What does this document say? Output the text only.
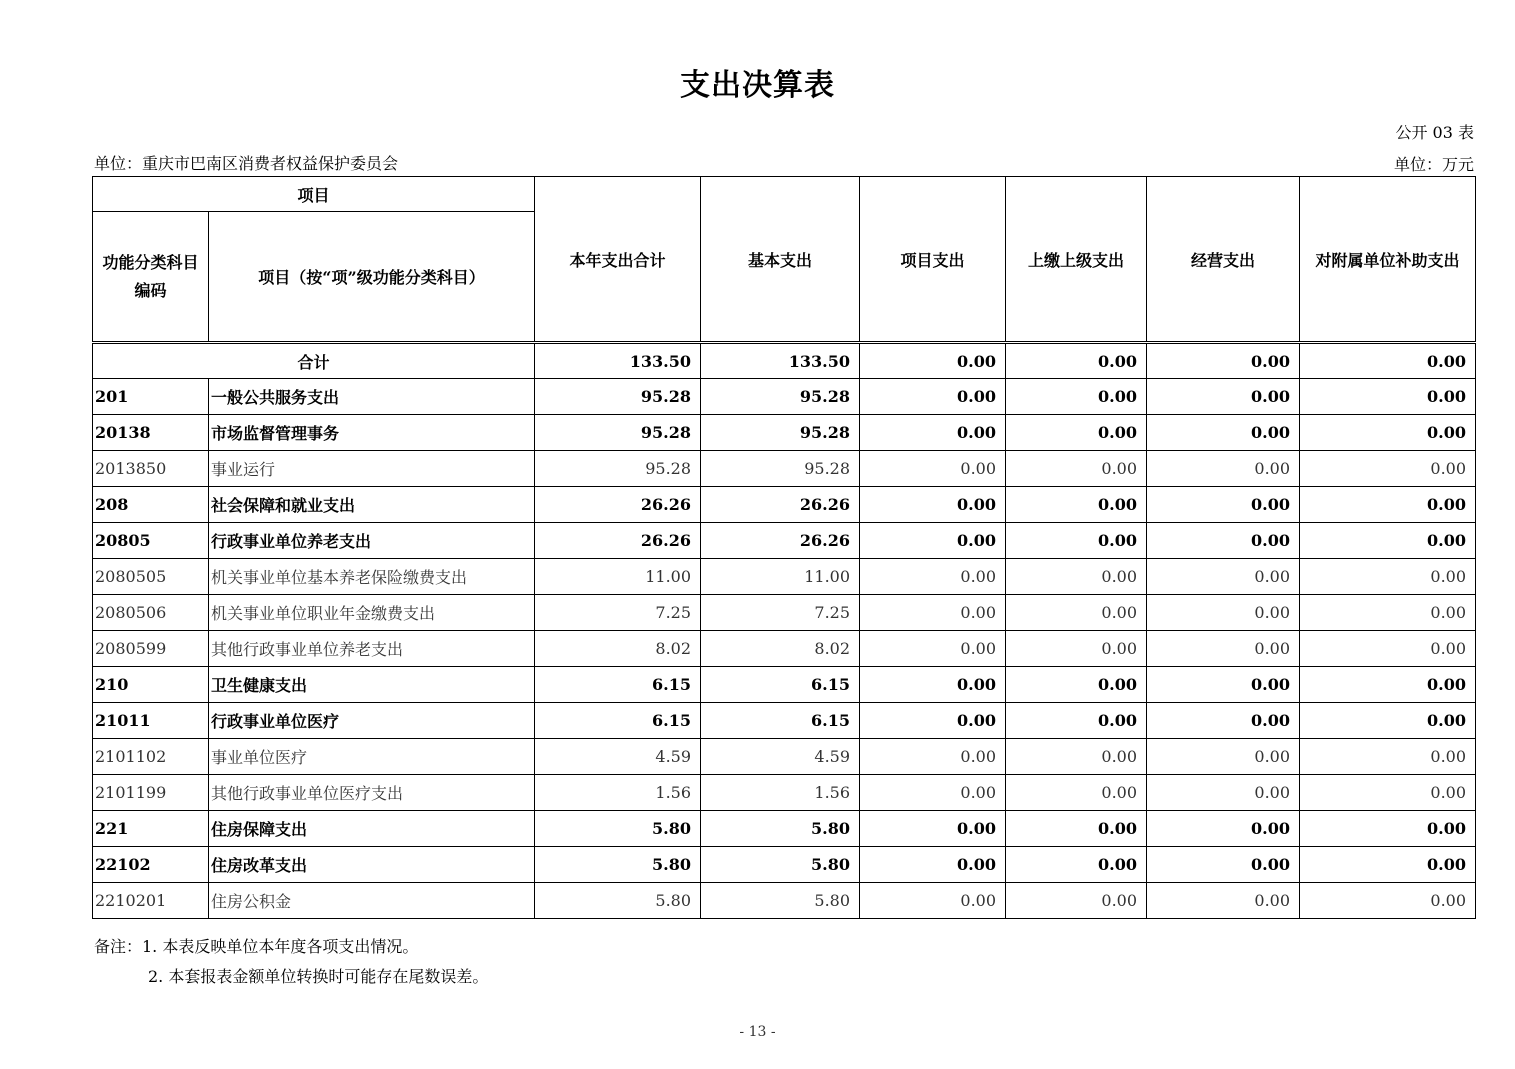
支出决算表
公开 03 表
单位：重庆市巴南区消费者权益保护委员会	单位：万元
项目		本年支出合计	基本支出	项目支出	上缴上级支出	经营支出	对附属单位补助支出
功能分类科目编码	项目（按“项”级功能分类科目）						
合计		133.50	133.50	0.00	0.00	0.00	0.00
201	一般公共服务支出	95.28	95.28	0.00	0.00	0.00	0.00
20138	市场监督管理事务	95.28	95.28	0.00	0.00	0.00	0.00
2013850	事业运行	95.28	95.28	0.00	0.00	0.00	0.00
208	社会保障和就业支出	26.26	26.26	0.00	0.00	0.00	0.00
20805	行政事业单位养老支出	26.26	26.26	0.00	0.00	0.00	0.00
2080505	机关事业单位基本养老保险缴费支出	11.00	11.00	0.00	0.00	0.00	0.00
2080506	机关事业单位职业年金缴费支出	7.25	7.25	0.00	0.00	0.00	0.00
2080599	其他行政事业单位养老支出	8.02	8.02	0.00	0.00	0.00	0.00
210	卫生健康支出	6.15	6.15	0.00	0.00	0.00	0.00
21011	行政事业单位医疗	6.15	6.15	0.00	0.00	0.00	0.00
2101102	事业单位医疗	4.59	4.59	0.00	0.00	0.00	0.00
2101199	其他行政事业单位医疗支出	1.56	1.56	0.00	0.00	0.00	0.00
221	住房保障支出	5.80	5.80	0.00	0.00	0.00	0.00
22102	住房改革支出	5.80	5.80	0.00	0.00	0.00	0.00
2210201	住房公积金	5.80	5.80	0.00	0.00	0.00	0.00
备注：1. 本表反映单位本年度各项支出情况。
2. 本套报表金额单位转换时可能存在尾数误差。
- 13 -
